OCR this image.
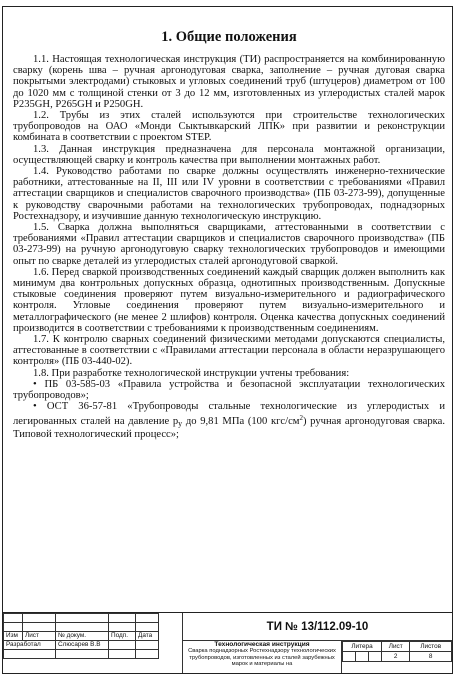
1. Общие положения

1.1. Настоящая технологическая инструкция (ТИ) распространяется на комбинированную сварку (корень шва – ручная аргонодуговая сварка, заполнение – ручная дуговая сварка покрытыми электродами) стыковых и угловых соединений труб (штуцеров) диаметром от 100 до 1020 мм с толщиной стенки от 3 до 12 мм, изготовленных из углеродистых сталей марок P235GH, P265GH и P250GH.

1.2. Трубы из этих сталей используются при строительстве технологических трубопроводов на ОАО «Монди Сыктывкарский ЛПК» при развитии и реконструкции комбината в соответствии с проектом STEP.

1.3. Данная инструкция предназначена для персонала монтажной организации, осуществляющей сварку и контроль качества при выполнении монтажных работ.

1.4. Руководство работами по сварке должны осуществлять инженерно-технические работники, аттестованные на II, III или IV уровни в соответствии с требованиями «Правил аттестации сварщиков и специалистов сварочного производства» (ПБ 03-273-99), допущенные к руководству сварочными работами на технологических трубопроводах, поднадзорных Ростехнадзору, и изучившие данную технологическую инструкцию.

1.5. Сварка должна выполняться сварщиками, аттестованными в соответствии с требованиями «Правил аттестации сварщиков и специалистов сварочного производства» (ПБ 03-273-99) на ручную аргонодуговую сварку технологических трубопроводов и имеющими опыт по сварке деталей из углеродистых сталей аргонодуговой сваркой.

1.6. Перед сваркой производственных соединений каждый сварщик должен выполнить как минимум два контрольных допускных образца, однотипных производственным. Допускные стыковые соединения проверяют путем визуально-измерительного и радиографического контроля. Угловые соединения проверяют путем визуально-измерительного и металлографического (не менее 2 шлифов) контроля. Оценка качества допускных соединений производится в соответствии с требованиями к производственным соединениям.

1.7. К контролю сварных соединений физическими методами допускаются специалисты, аттестованные в соответствии с «Правилами аттестации персонала в области неразрушающего контроля» (ПБ 03-440-02).

1.8. При разработке технологической инструкции учтены требования:

• ПБ 03-585-03 «Правила устройства и безопасной эксплуатации технологических трубопроводов»;

• ОСТ 36-57-81 «Трубопроводы стальные технологические из углеродистых и легированных сталей на давление $р_у$ до 9,81 МПа (100 кгс/$см^2$) ручная аргонодуговая сварка. Типовой технологический процесс»;

Изм	Лист	№ докум.	Подп.	Дата
Разработал		Слюсарев В.В		

ТИ № 13/112.09-10
Технологическая инструкция
Сварка поднадзорных Ростехнадзору технологических трубопроводов, изготовленных из сталей зарубежных марок и материалы на
Литера			Лист	Листов
			2	8
